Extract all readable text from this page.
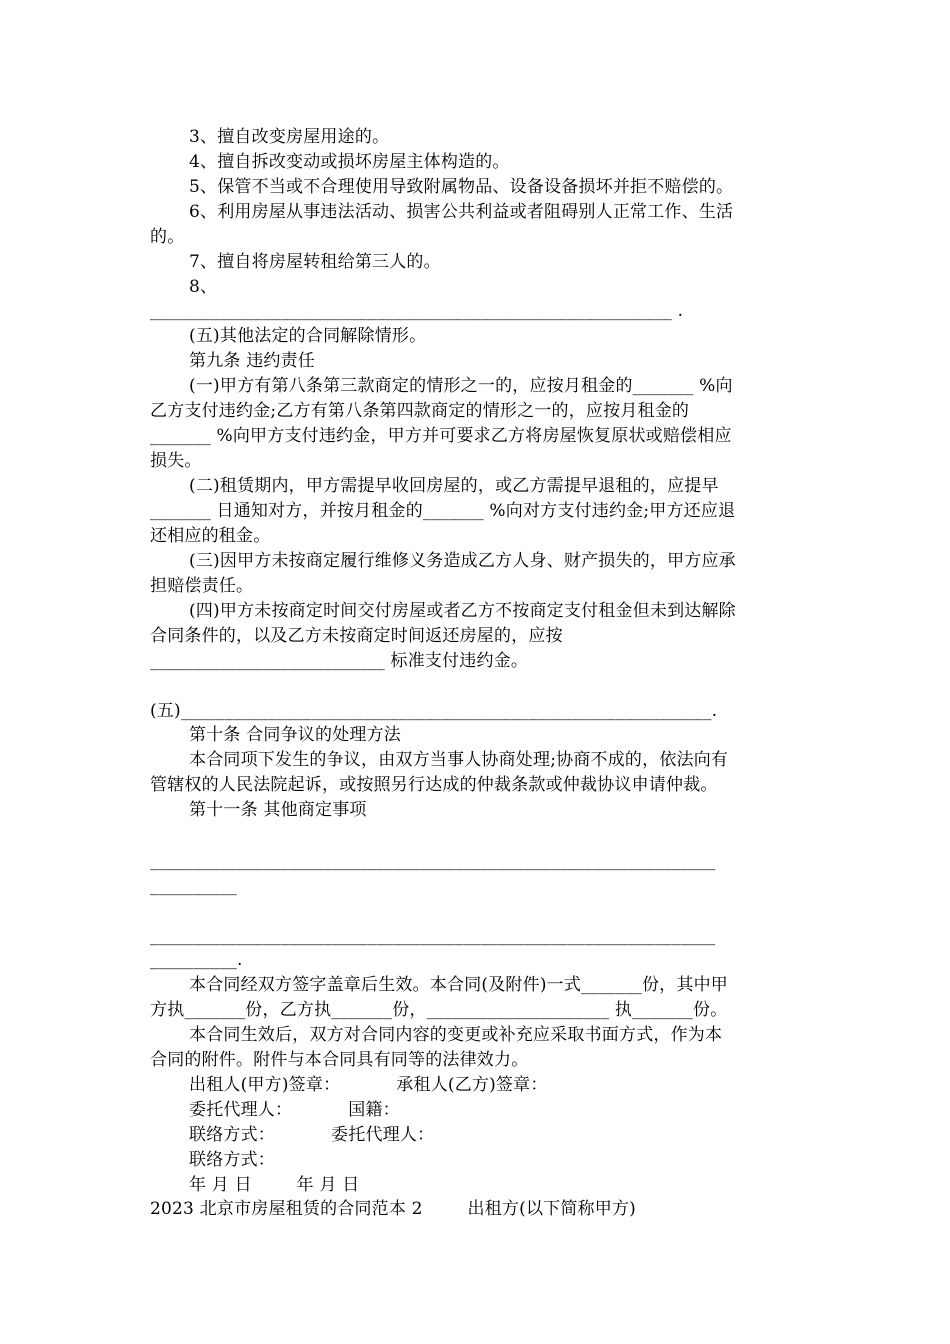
3、擅自改变房屋用途的。
4、擅自拆改变动或损坏房屋主体构造的。
5、保管不当或不合理使用导致附属物品、设备设备损坏并拒不赔偿的。
6、利用房屋从事违法活动、损害公共利益或者阻碍别人正常工作、生活
的。
7、擅自将房屋转租给第三人的。
8、
____________________________________________________________ .
(五)其他法定的合同解除情形。
第九条 违约责任
(一)甲方有第八条第三款商定的情形之一的，应按月租金的_______ %向
乙方支付违约金;乙方有第八条第四款商定的情形之一的，应按月租金的
_______ %向甲方支付违约金，甲方并可要求乙方将房屋恢复原状或赔偿相应
损失。
(二)租赁期内，甲方需提早收回房屋的，或乙方需提早退租的，应提早
_______ 日通知对方，并按月租金的_______ %向对方支付违约金;甲方还应退
还相应的租金。
(三)因甲方未按商定履行维修义务造成乙方人身、财产损失的，甲方应承
担赔偿责任。
(四)甲方未按商定时间交付房屋或者乙方不按商定支付租金但未到达解除
合同条件的，以及乙方未按商定时间返还房屋的，应按
___________________________ 标准支付违约金。
(五)_____________________________________________________________.
第十条 合同争议的处理方法
本合同项下发生的争议，由双方当事人协商处理;协商不成的，依法向有
管辖权的人民法院起诉，或按照另行达成的仲裁条款或仲裁协议申请仲裁。
第十一条 其他商定事项
_________________________________________________________________
__________
_________________________________________________________________
__________.
本合同经双方签字盖章后生效。本合同(及附件)一式_______份，其中甲
方执_______份，乙方执_______份，_____________________ 执_______份。
本合同生效后，双方对合同内容的变更或补充应采取书面方式，作为本
合同的附件。附件与本合同具有同等的法律效力。
出租人(甲方)签章：          承租人(乙方)签章：
委托代理人：          国籍：
联络方式：          委托代理人：
联络方式：
年 月 日        年 月 日
2023 北京市房屋租赁的合同范本 2        出租方(以下简称甲方)
